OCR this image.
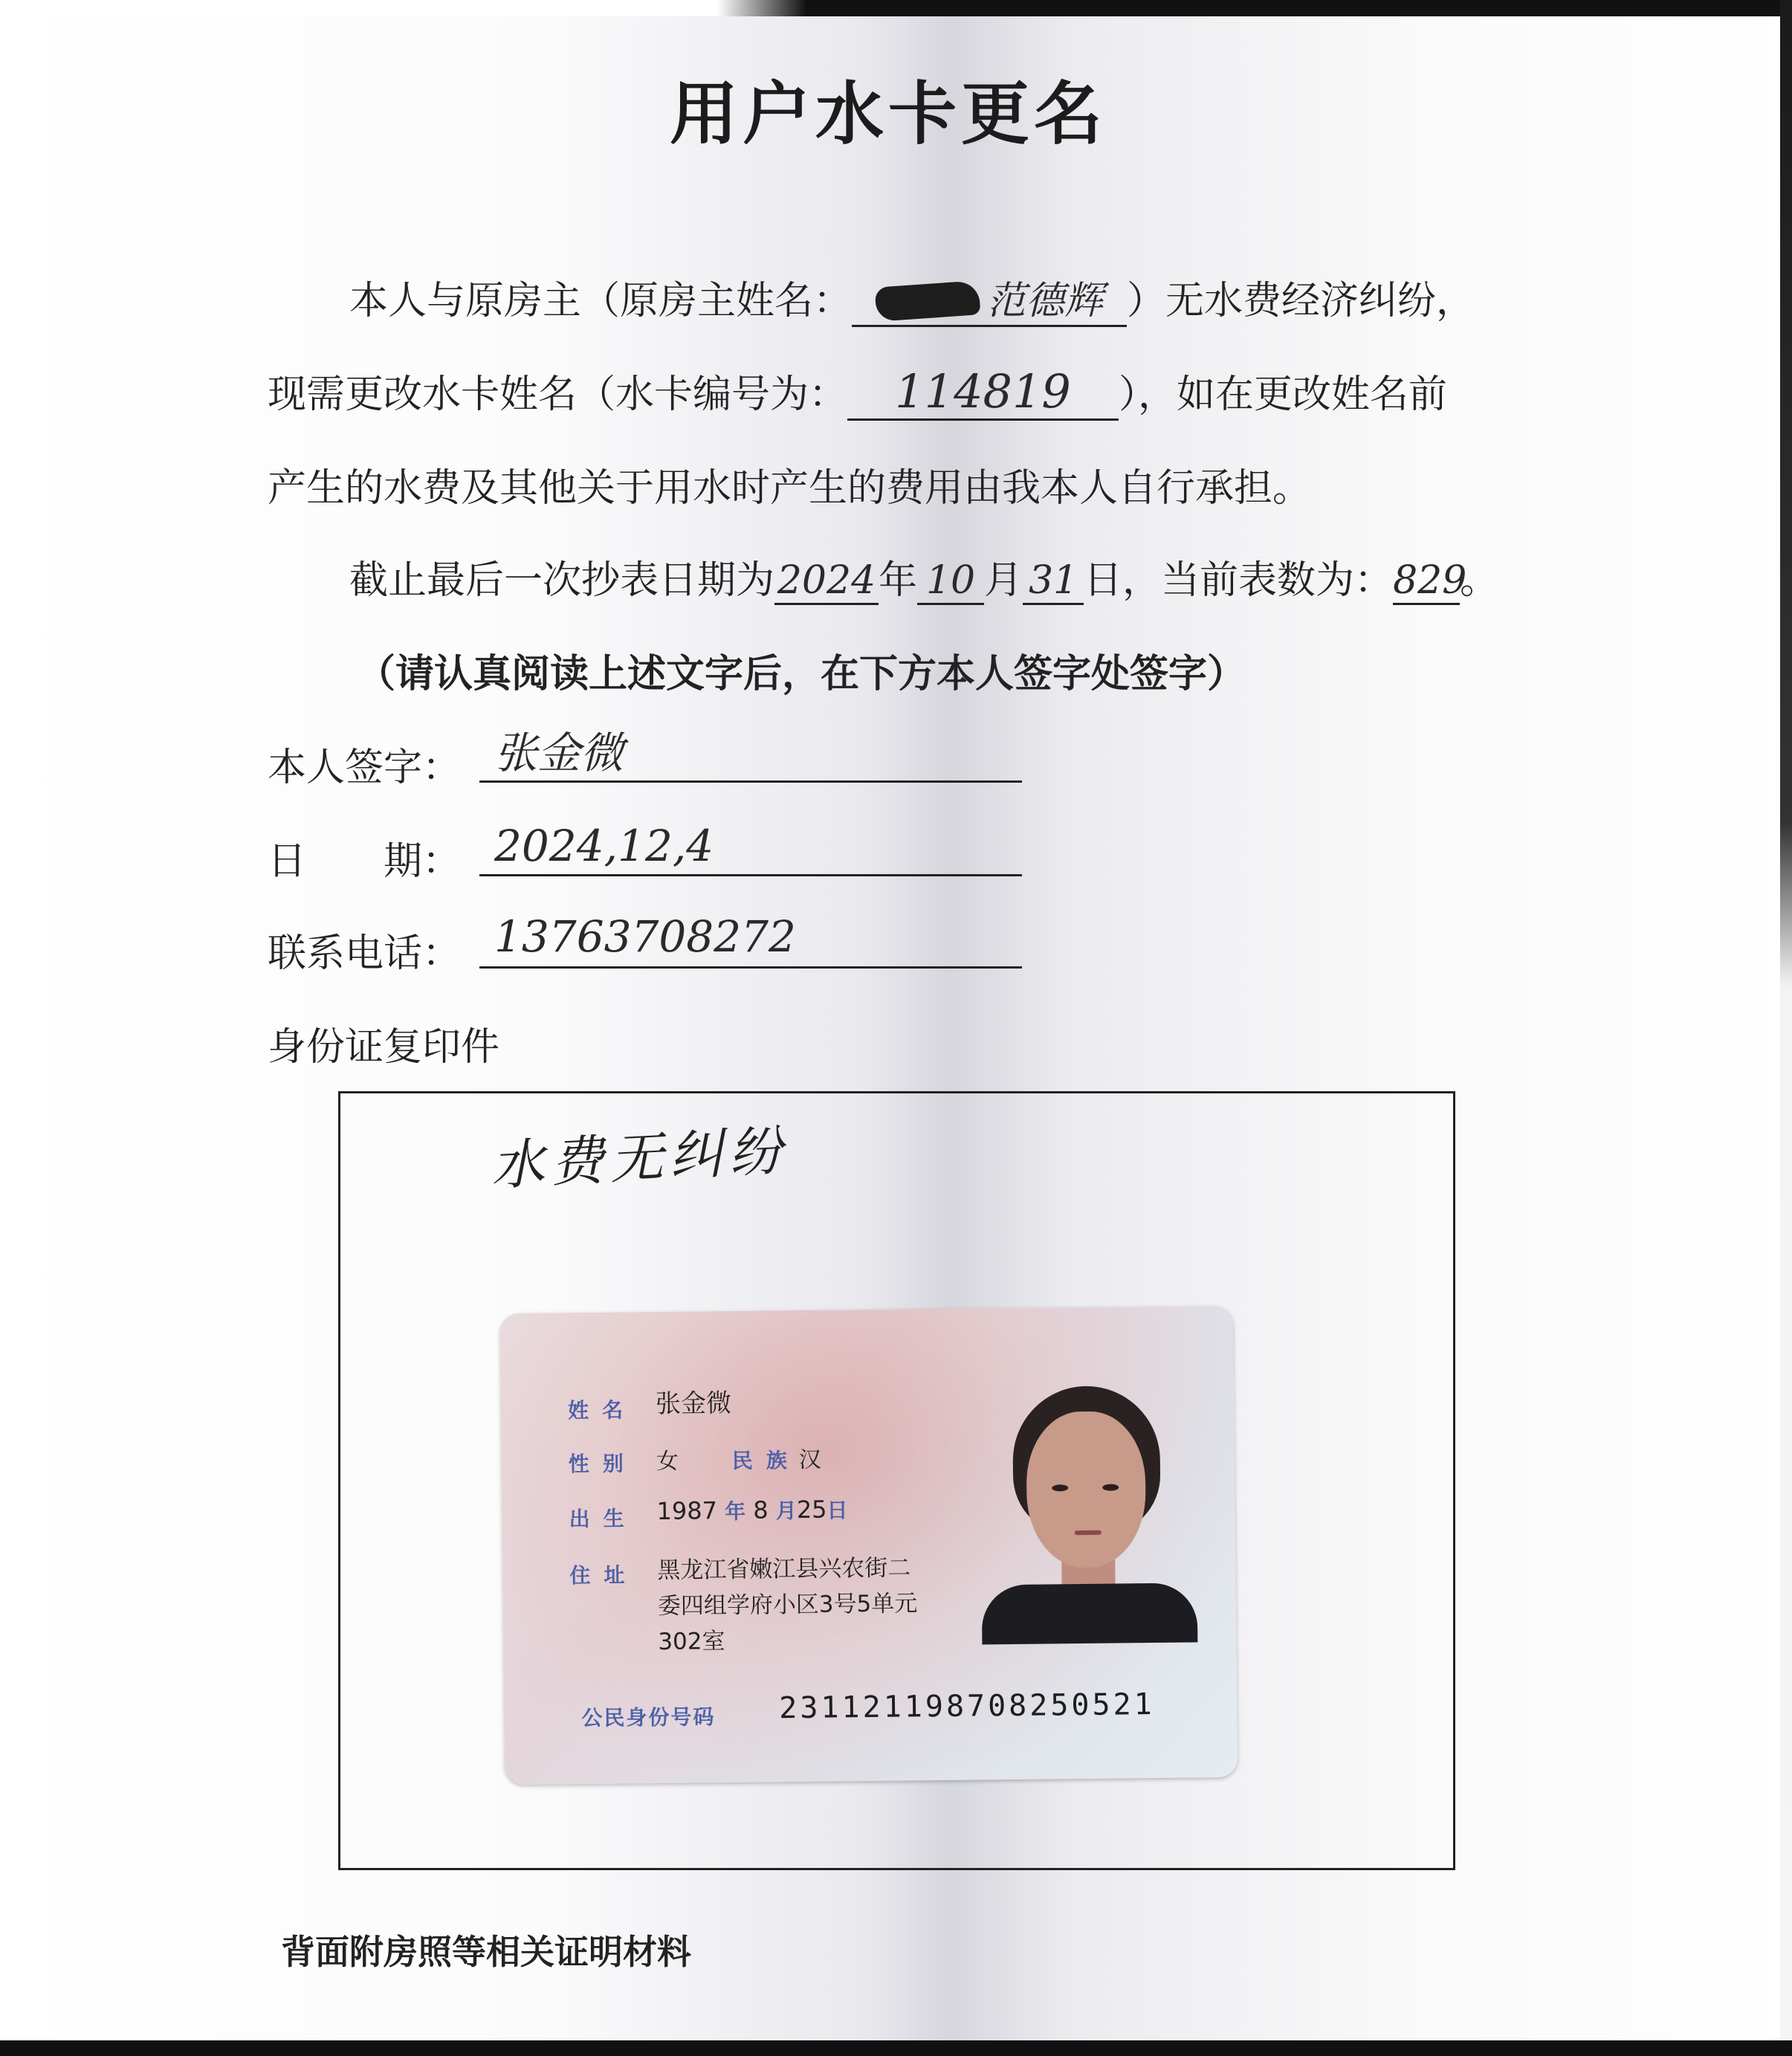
用户水卡更名
本人与原房主（原房主姓名：	范德辉 ）无水费经济纠纷，
现需更改水卡姓名（水卡编号为： 114819 ），如在更改姓名前
产生的水费及其他关于用水时产生的费用由我本人自行承担。
截止最后一次抄表日期为2024年 10 月 31 日，当前表数为：829。
（请认真阅读上述文字后，在下方本人签字处签字）
本人签字： 张金微
日　　期： 2024,12,4
联系电话： 13763708272
身份证复印件
水费无纠纷
姓名 张金微
性别 女	民族
汉
出生 1987 年 8 月25日
住址 黑龙江省嫩江县兴农街二
委四组学府小区3号5单元
302室
公民身份号码 231121198708250521
背面附房照等相关证明材料
